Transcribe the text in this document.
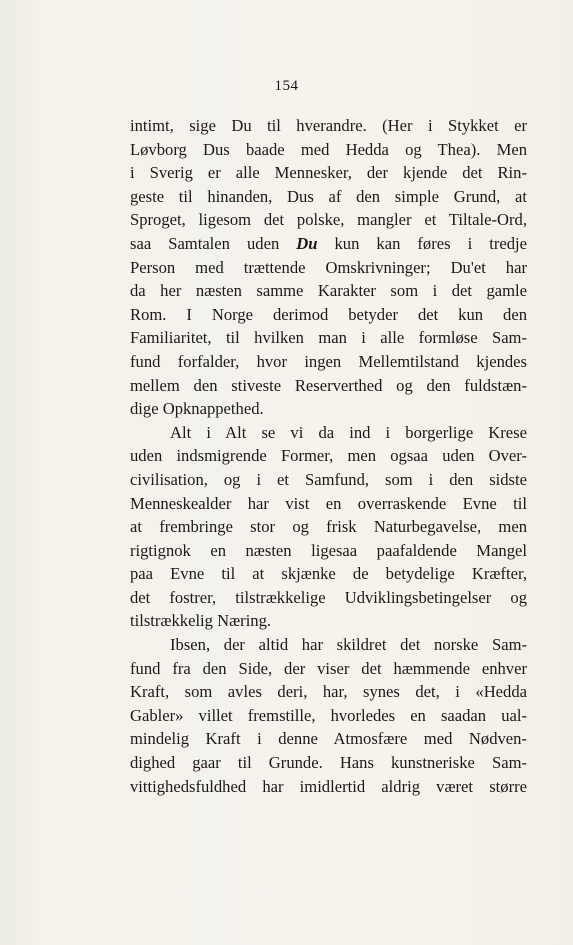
154
intimt, sige Du til hverandre. (Her i Stykket er
Løvborg Dus baade med Hedda og Thea). Men
i Sverig er alle Mennesker, der kjende det Rin-
geste til hinanden, Dus af den simple Grund, at
Sproget, ligesom det polske, mangler et Tiltale-Ord,
saa Samtalen uden Du kun kan føres i tredje
Person med trættende Omskrivninger; Du'et har
da her næsten samme Karakter som i det gamle
Rom. I Norge derimod betyder det kun den
Familiaritet, til hvilken man i alle formløse Sam-
fund forfalder, hvor ingen Mellemtilstand kjendes
mellem den stiveste Reserverthed og den fuldstæn-
dige Opknappethed.
Alt i Alt se vi da ind i borgerlige Krese
uden indsmigrende Former, men ogsaa uden Over-
civilisation, og i et Samfund, som i den sidste
Menneskealder har vist en overraskende Evne til
at frembringe stor og frisk Naturbegavelse, men
rigtignok en næsten ligesaa paafaldende Mangel
paa Evne til at skjænke de betydelige Kræfter,
det fostrer, tilstrækkelige Udviklingsbetingelser og
tilstrækkelig Næring.
Ibsen, der altid har skildret det norske Sam-
fund fra den Side, der viser det hæmmende enhver
Kraft, som avles deri, har, synes det, i «Hedda
Gabler» villet fremstille, hvorledes en saadan ual-
mindelig Kraft i denne Atmosfære med Nødven-
dighed gaar til Grunde. Hans kunstneriske Sam-
vittighedsfuldhed har imidlertid aldrig været større
